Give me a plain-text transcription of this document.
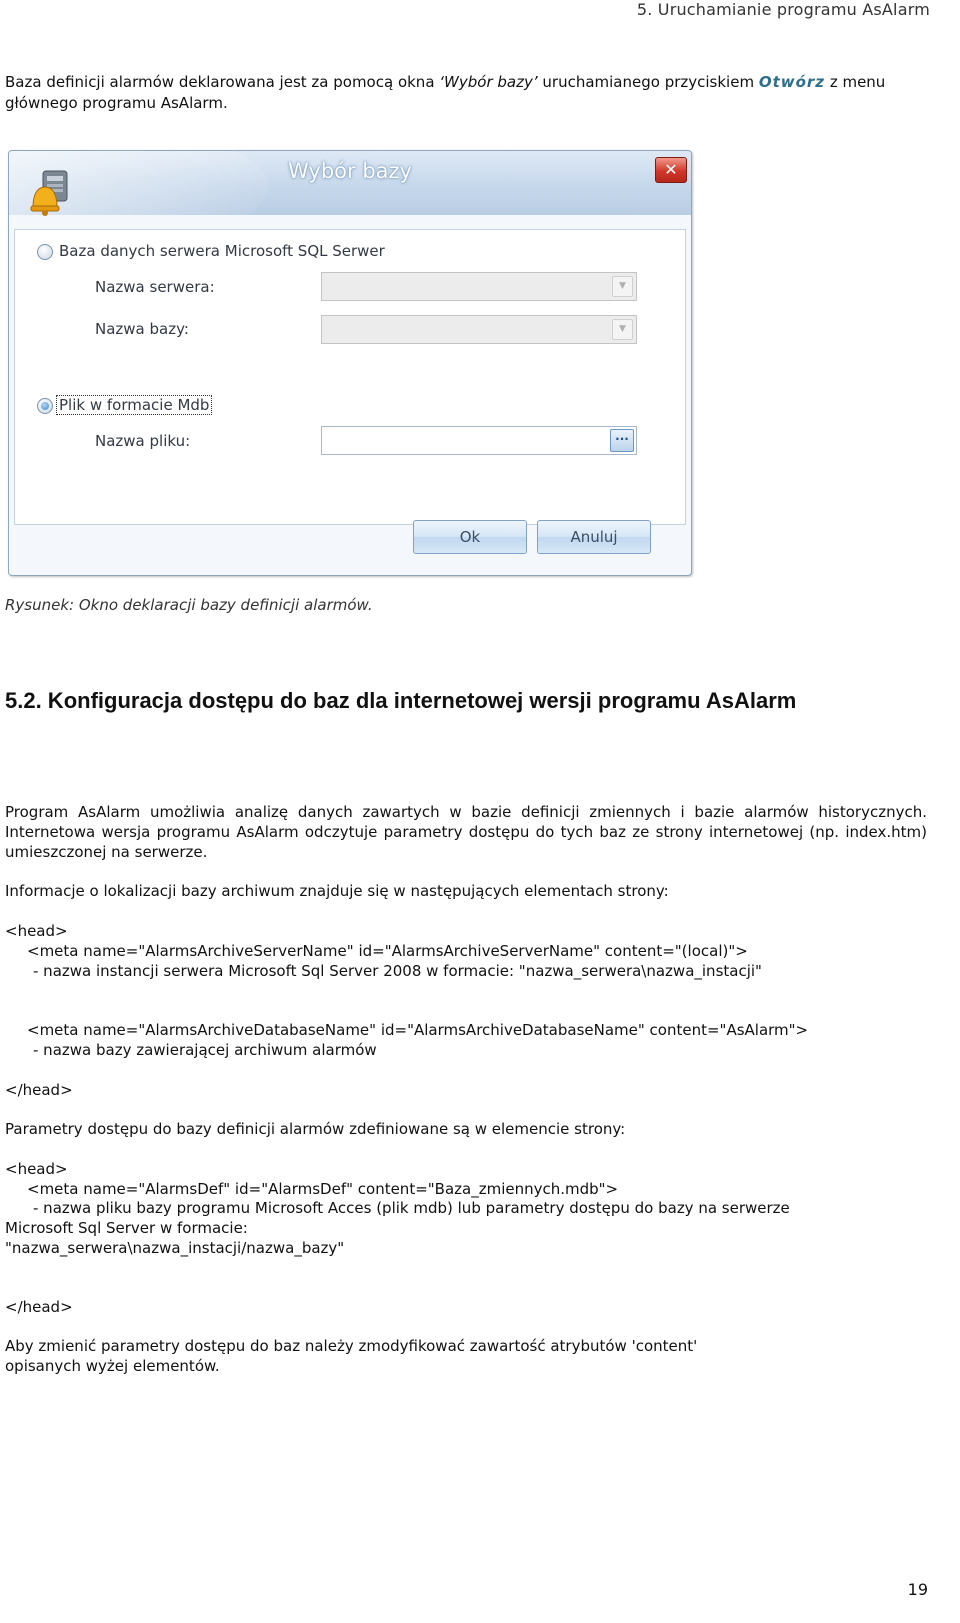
5. Uruchamianie programu AsAlarm
Baza definicji alarmów deklarowana jest za pomocą okna ‘Wybór bazy’ uruchamianego przyciskiem Otwórz z menu głównego programu AsAlarm.
Wybór bazy	✕
Baza danych serwera Microsoft SQL Serwer
Nazwa serwera:	▼
Nazwa bazy:	▼
Plik w formacie Mdb
Nazwa pliku:	···
Ok	Anuluj
Rysunek: Okno deklaracji bazy definicji alarmów.
5.2. Konfiguracja dostępu do baz dla internetowej wersji programu AsAlarm
Program AsAlarm umożliwia analizę danych zawartych w bazie definicji zmiennych i bazie alarmów historycznych. Internetowa wersja programu AsAlarm odczytuje parametry dostępu do tych baz ze strony internetowej (np. index.htm) umieszczonej na serwerze.
Informacje o lokalizacji bazy archiwum znajduje się w następujących elementach strony:
<head>
<meta name="AlarmsArchiveServerName" id="AlarmsArchiveServerName" content="(local)">
- nazwa instancji serwera Microsoft Sql Server 2008 w formacie: "nazwa_serwera\nazwa_instacji"
<meta name="AlarmsArchiveDatabaseName" id="AlarmsArchiveDatabaseName" content="AsAlarm">
- nazwa bazy zawierającej archiwum alarmów
</head>
Parametry dostępu do bazy definicji alarmów zdefiniowane są w elemencie strony:
<head>
<meta name="AlarmsDef" id="AlarmsDef" content="Baza_zmiennych.mdb">
- nazwa pliku bazy programu Microsoft Acces (plik mdb) lub parametry dostępu do bazy na serwerze
Microsoft Sql Server w formacie:
"nazwa_serwera\nazwa_instacji/nazwa_bazy"
</head>
Aby zmienić parametry dostępu do baz należy zmodyfikować zawartość atrybutów 'content'
opisanych wyżej elementów.
19
